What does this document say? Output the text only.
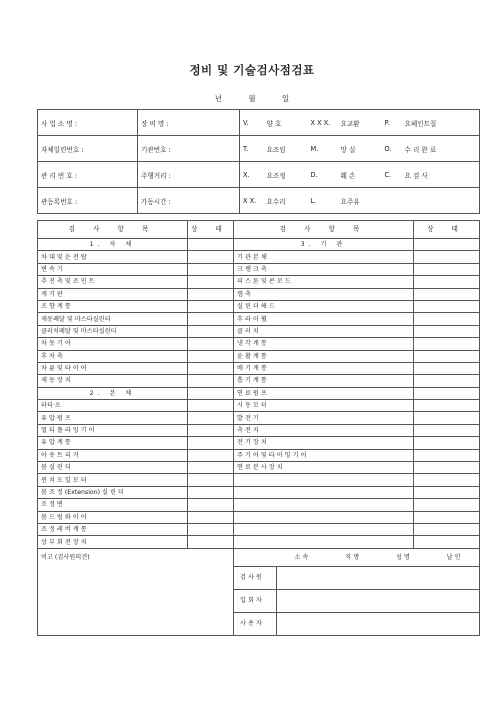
정비 및 기술검사점검표
년 월 일
사 업 소 명 :	장 비 명 :	V.	양 호	X X X.	요교환	P.	요페인트칠
자체일련번호 :	기관번호 :	T.	요조임	M.	망 실	O.	수 리 완 료
관 리 번 호 :	주행거리 :	X.	요조정	D.	훼 손	C.	요 검 사
관등록번호 :	가동시간 :	X X.	요수리	L.	요주유		
검 사 항 목	상 태	검 사 항 목	상 태
1. 차 체		3. 기 관	
차 대 및 운 전 탑		기 관 본 체	
변 속 기		크 랭 크 축	
추 진 축 및 조 인 트		피 스 톤 및 콘 로 드	
계 기 판		캠 축	
조 향 계 통		실 린 더 헤 드	
제동페달 및 마스타실린더		후 라 이 휠	
클러치페달 및 마스타실린더		클 러 치	
차 동 기 어		냉 각 계 통	
후 차 축		윤 활 계 통	
차 륜 및 타 이 어		배 기 계 통	
제 동 장 치		흡 기 계 통	
2. 본 체		연 료 펌 프	
파티·오		시 동 모 터	
유 압 펌 프		발 전 기	
멀 티 플 라 잉 기 어		축 전 지	
유 압 계 통		전 기 장 치	
아 웃 트 리 거		주 기 어 및 타 이 밍 기 어	
붐 실 린 더		연 료 분 사 장 치	
윈 치 오 일 모 터			
붐 조 정 (Extension) 실 린 더			
조 정 변			
붐 드 럼 와 이 어			
조 정 레 버 계 통			
상 부 회 전 장 치			
비고 (검사원의견)		소 속 직 명 성 명 날 인	

		검 사 원	

		입 회 자	

		사 용 자	
